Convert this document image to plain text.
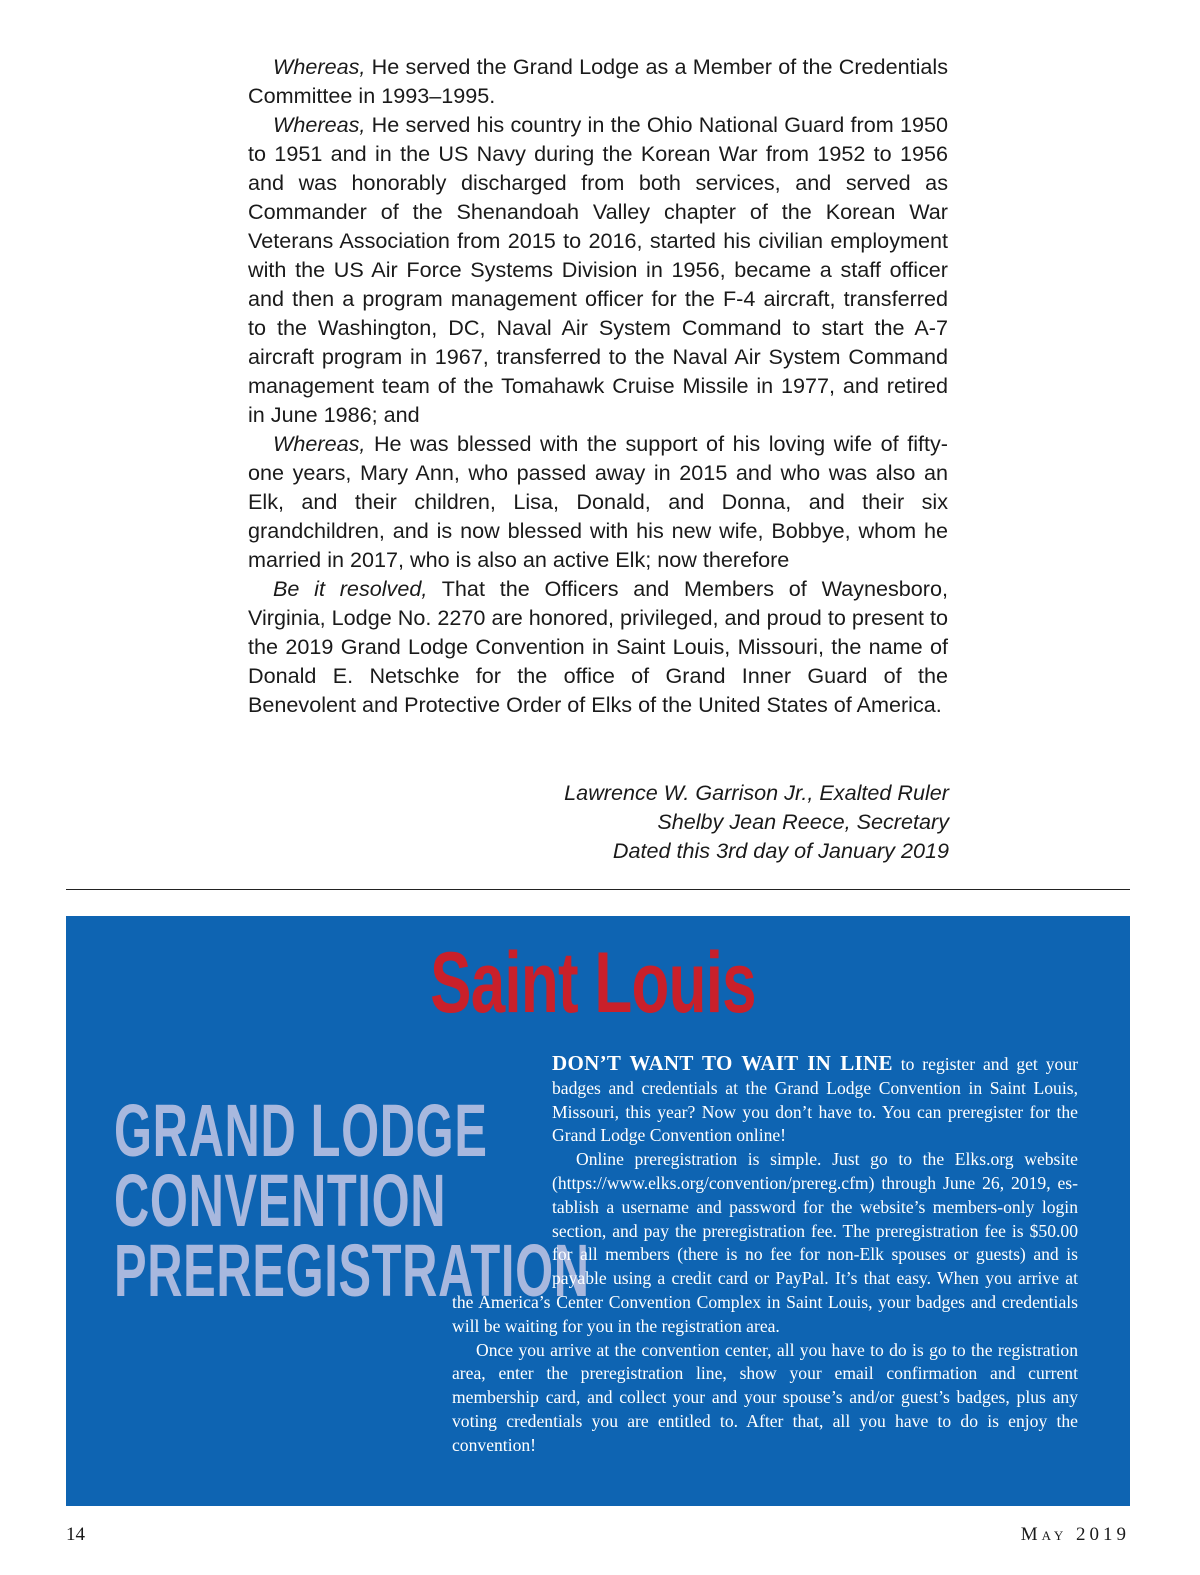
Whereas, He served the Grand Lodge as a Member of the Credentials Committee in 1993–1995.

Whereas, He served his country in the Ohio National Guard from 1950 to 1951 and in the US Navy during the Korean War from 1952 to 1956 and was honorably discharged from both services, and served as Commander of the Shenandoah Valley chapter of the Korean War Veterans Association from 2015 to 2016, started his civilian employment with the US Air Force Systems Division in 1956, became a staff officer and then a program management officer for the F-4 aircraft, transferred to the Washington, DC, Naval Air System Command to start the A-7 aircraft program in 1967, transferred to the Naval Air System Command management team of the Tomahawk Cruise Missile in 1977, and retired in June 1986; and

Whereas, He was blessed with the support of his loving wife of fifty-one years, Mary Ann, who passed away in 2015 and who was also an Elk, and their children, Lisa, Donald, and Donna, and their six grandchildren, and is now blessed with his new wife, Bobbye, whom he married in 2017, who is also an active Elk; now therefore

Be it resolved, That the Officers and Members of Waynesboro, Virginia, Lodge No. 2270 are honored, privileged, and proud to present to the 2019 Grand Lodge Convention in Saint Louis, Missouri, the name of Donald E. Netschke for the office of Grand Inner Guard of the Benevolent and Protective Order of Elks of the United States of America.

Lawrence W. Garrison Jr., Exalted Ruler
Shelby Jean Reece, Secretary
Dated this 3rd day of January 2019
Saint Louis
GRAND LODGE
CONVENTION
PREREGISTRATION

DON’T WANT TO WAIT IN LINE to register and get your badges and credentials at the Grand Lodge Convention in Saint Louis, Missouri, this year? Now you don’t have to. You can preregister for the Grand Lodge Convention online!

Online preregistration is simple. Just go to the Elks.org website (https://www.elks.org/convention/prereg.cfm) through June 26, 2019, establish a username and password for the website’s members-only login section, and pay the preregistration fee. The preregistration fee is $50.00 for all members (there is no fee for non-Elk spouses or guests) and is payable using a credit card or PayPal. It’s that easy. When you arrive at the America’s Center Convention Complex in Saint Louis, your badges and credentials will be waiting for you in the registration area.

Once you arrive at the convention center, all you have to do is go to the registration area, enter the preregistration line, show your email confirmation and current membership card, and collect your and your spouse’s and/or guest’s badges, plus any voting credentials you are entitled to. After that, all you have to do is enjoy the convention!

14	May 2019
